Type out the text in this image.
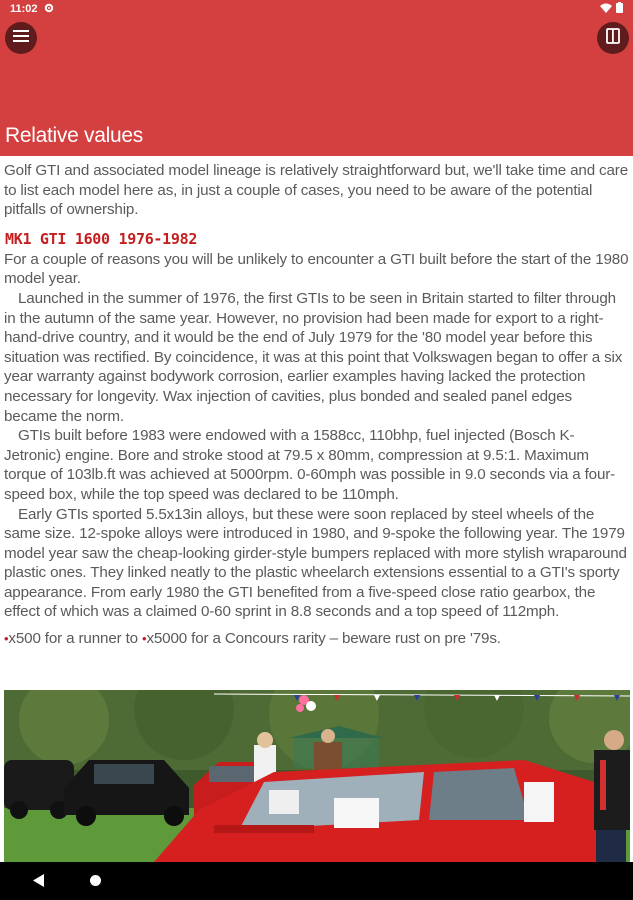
11:02
Relative values

Golf GTI and associated model lineage is relatively straightforward but, we'll take time and care to list each model here as, in just a couple of cases, you need to be aware of the potential pitfalls of ownership.

MK1 GTI 1600 1976-1982

For a couple of reasons you will be unlikely to encounter a GTI built before the start of the 1980 model year.

Launched in the summer of 1976, the first GTIs to be seen in Britain started to filter through in the autumn of the same year. However, no provision had been made for export to a right-hand-drive country, and it would be the end of July 1979 for the '80 model year before this situation was rectified. By coincidence, it was at this point that Volkswagen began to offer a six year warranty against bodywork corrosion, earlier examples having lacked the protection necessary for longevity. Wax injection of cavities, plus bonded and sealed panel edges became the norm.

GTIs built before 1983 were endowed with a 1588cc, 110bhp, fuel injected (Bosch K-Jetronic) engine. Bore and stroke stood at 79.5 x 80mm, compression at 9.5:1. Maximum torque of 103lb.ft was achieved at 5000rpm. 0-60mph was possible in 9.0 seconds via a four-speed box, while the top speed was declared to be 110mph.

Early GTIs sported 5.5x13in alloys, but these were soon replaced by steel wheels of the same size. 12-spoke alloys were introduced in 1980, and 9-spoke the following year. The 1979 model year saw the cheap-looking girder-style bumpers replaced with more stylish wraparound plastic ones. They linked neatly to the plastic wheelarch extensions essential to a GTI's sporty appearance. From early 1980 the GTI benefited from a five-speed close ratio gearbox, the effect of which was a claimed 0-60 sprint in 8.8 seconds and a top speed of 112mph.

•x500 for a runner to •x5000 for a Concours rarity – beware rust on pre '79s.
